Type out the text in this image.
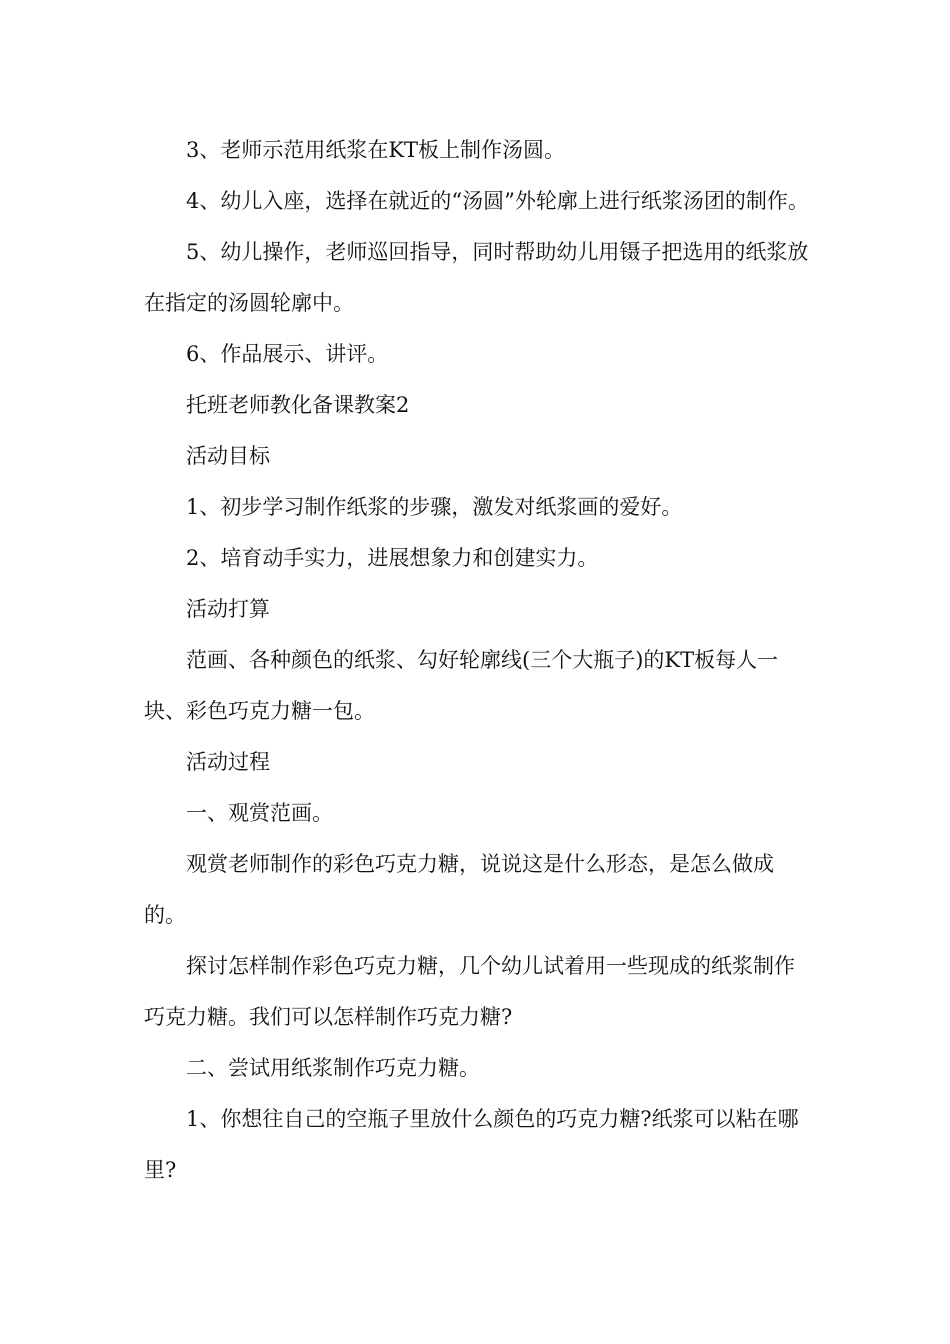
　　3、老师示范用纸浆在KT板上制作汤圆。

　　4、幼儿入座，选择在就近的“汤圆”外轮廓上进行纸浆汤团的制作。

　　5、幼儿操作，老师巡回指导，同时帮助幼儿用镊子把选用的纸浆放在指定的汤圆轮廓中。

　　6、作品展示、讲评。

　　托班老师教化备课教案2

　　活动目标

　　1、初步学习制作纸浆的步骤，激发对纸浆画的爱好。

　　2、培育动手实力，进展想象力和创建实力。

　　活动打算

　　范画、各种颜色的纸浆、勾好轮廓线(三个大瓶子)的KT板每人一块、彩色巧克力糖一包。

　　活动过程

　　一、观赏范画。

　　观赏老师制作的彩色巧克力糖，说说这是什么形态，是怎么做成的。

　　探讨怎样制作彩色巧克力糖，几个幼儿试着用一些现成的纸浆制作巧克力糖。我们可以怎样制作巧克力糖?

　　二、尝试用纸浆制作巧克力糖。

　　1、你想往自己的空瓶子里放什么颜色的巧克力糖?纸浆可以粘在哪里?
